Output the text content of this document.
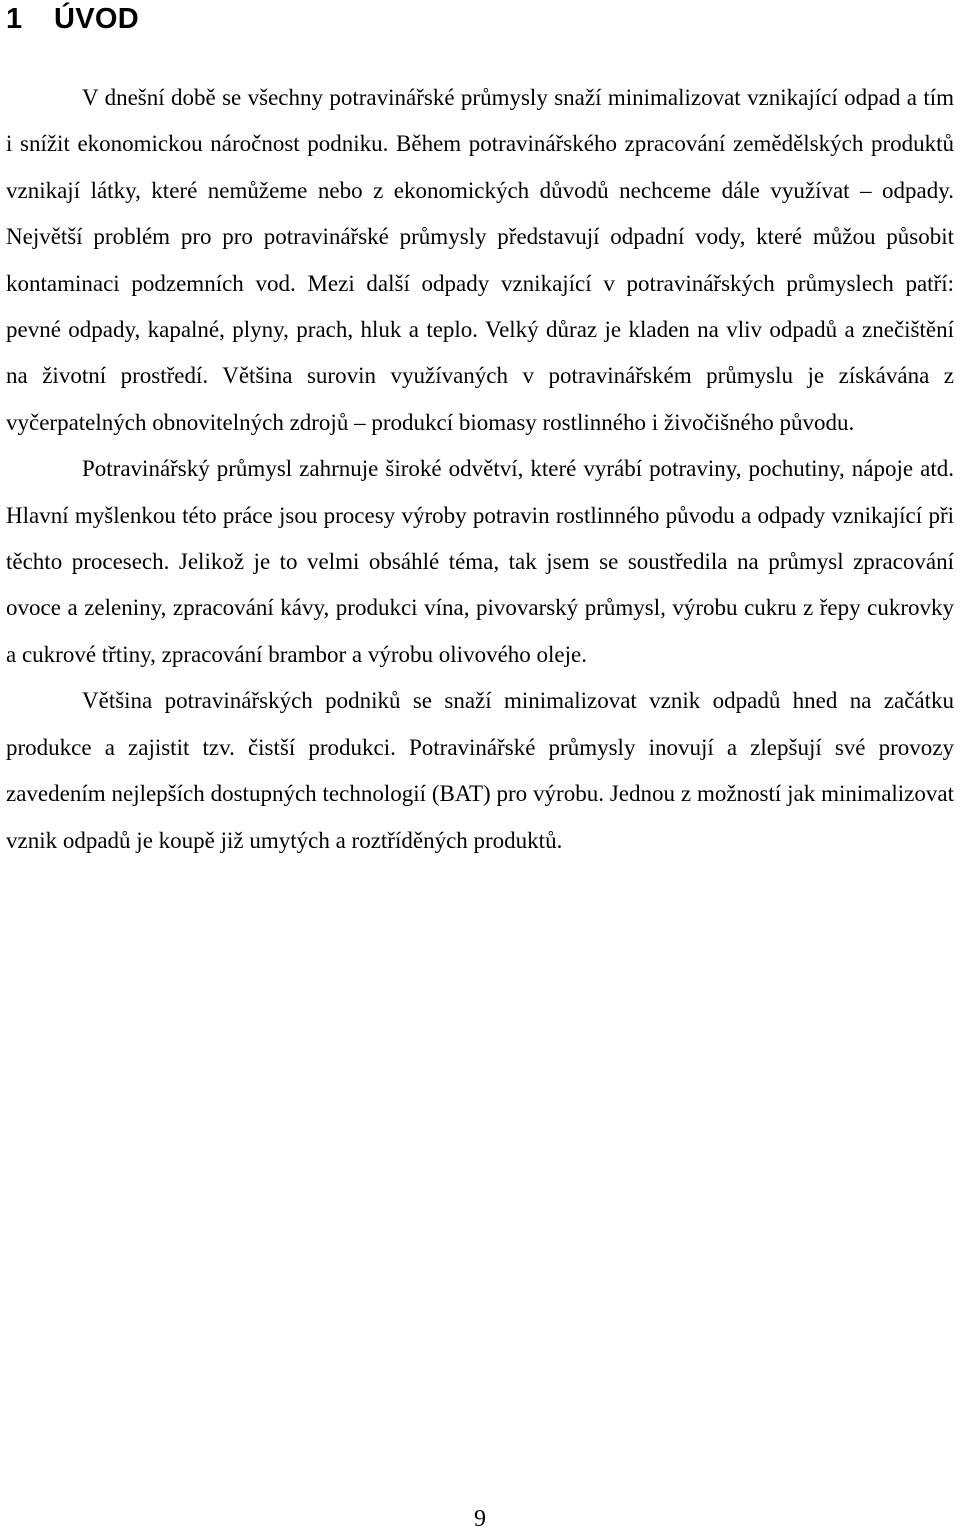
1 ÚVOD

V dnešní době se všechny potravinářské průmysly snaží minimalizovat vznikající odpad a tím i snížit ekonomickou náročnost podniku. Během potravinářského zpracování zemědělských produktů vznikají látky, které nemůžeme nebo z ekonomických důvodů nechceme dále využívat – odpady. Největší problém pro pro potravinářské průmysly představují odpadní vody, které můžou působit kontaminaci podzemních vod. Mezi další odpady vznikající v potravinářských průmyslech patří: pevné odpady, kapalné, plyny, prach, hluk a teplo. Velký důraz je kladen na vliv odpadů a znečištění na životní prostředí. Většina surovin využívaných v potravinářském průmyslu je získávána z vyčerpatelných obnovitelných zdrojů – produkcí biomasy rostlinného i živočišného původu.

Potravinářský průmysl zahrnuje široké odvětví, které vyrábí potraviny, pochutiny, nápoje atd. Hlavní myšlenkou této práce jsou procesy výroby potravin rostlinného původu a odpady vznikající při těchto procesech. Jelikož je to velmi obsáhlé téma, tak jsem se soustředila na průmysl zpracování ovoce a zeleniny, zpracování kávy, produkci vína, pivovarský průmysl, výrobu cukru z řepy cukrovky a cukrové třtiny, zpracování brambor a výrobu olivového oleje.

Většina potravinářských podniků se snaží minimalizovat vznik odpadů hned na začátku produkce a zajistit tzv. čistší produkci. Potravinářské průmysly inovují a zlepšují své provozy zavedením nejlepších dostupných technologií (BAT) pro výrobu. Jednou z možností jak minimalizovat vznik odpadů je koupě již umytých a roztříděných produktů.

9
